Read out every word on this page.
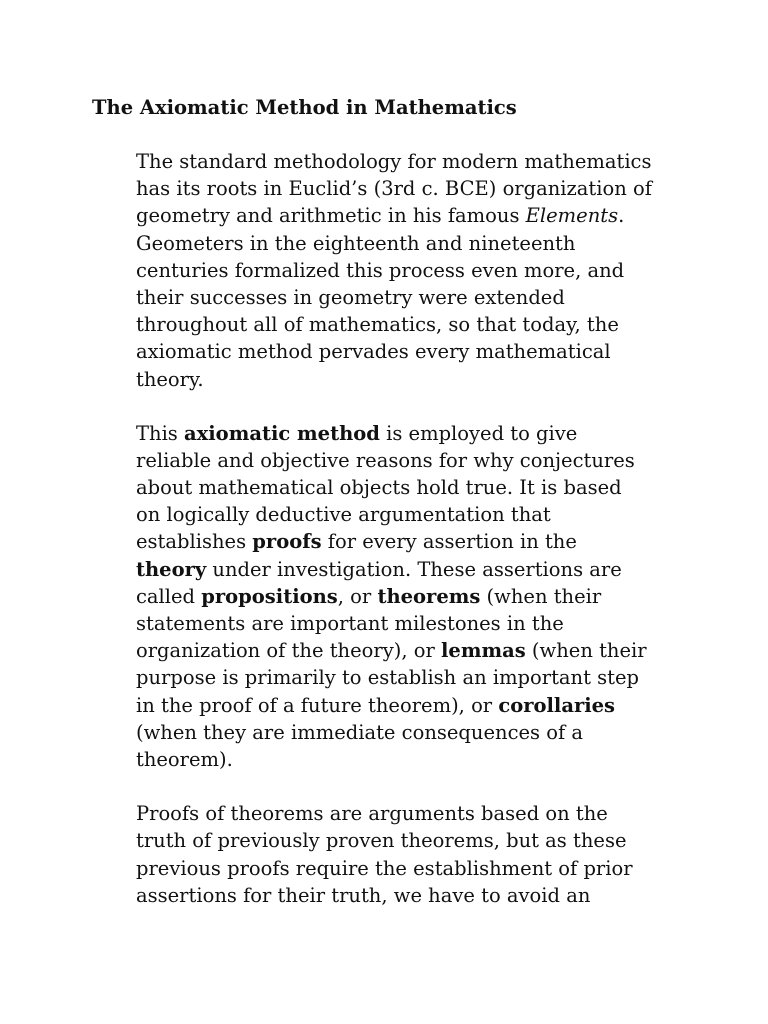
The Axiomatic Method in Mathematics
The standard methodology for modern mathematics
has its roots in Euclid’s (3rd c. BCE) organization of
geometry and arithmetic in his famous Elements.
Geometers in the eighteenth and nineteenth
centuries formalized this process even more, and
their successes in geometry were extended
throughout all of mathematics, so that today, the
axiomatic method pervades every mathematical
theory.
This axiomatic method is employed to give
reliable and objective reasons for why conjectures
about mathematical objects hold true. It is based
on logically deductive argumentation that
establishes proofs for every assertion in the
theory under investigation. These assertions are
called propositions, or theorems (when their
statements are important milestones in the
organization of the theory), or lemmas (when their
purpose is primarily to establish an important step
in the proof of a future theorem), or corollaries
(when they are immediate consequences of a
theorem).
Proofs of theorems are arguments based on the
truth of previously proven theorems, but as these
previous proofs require the establishment of prior
assertions for their truth, we have to avoid an
